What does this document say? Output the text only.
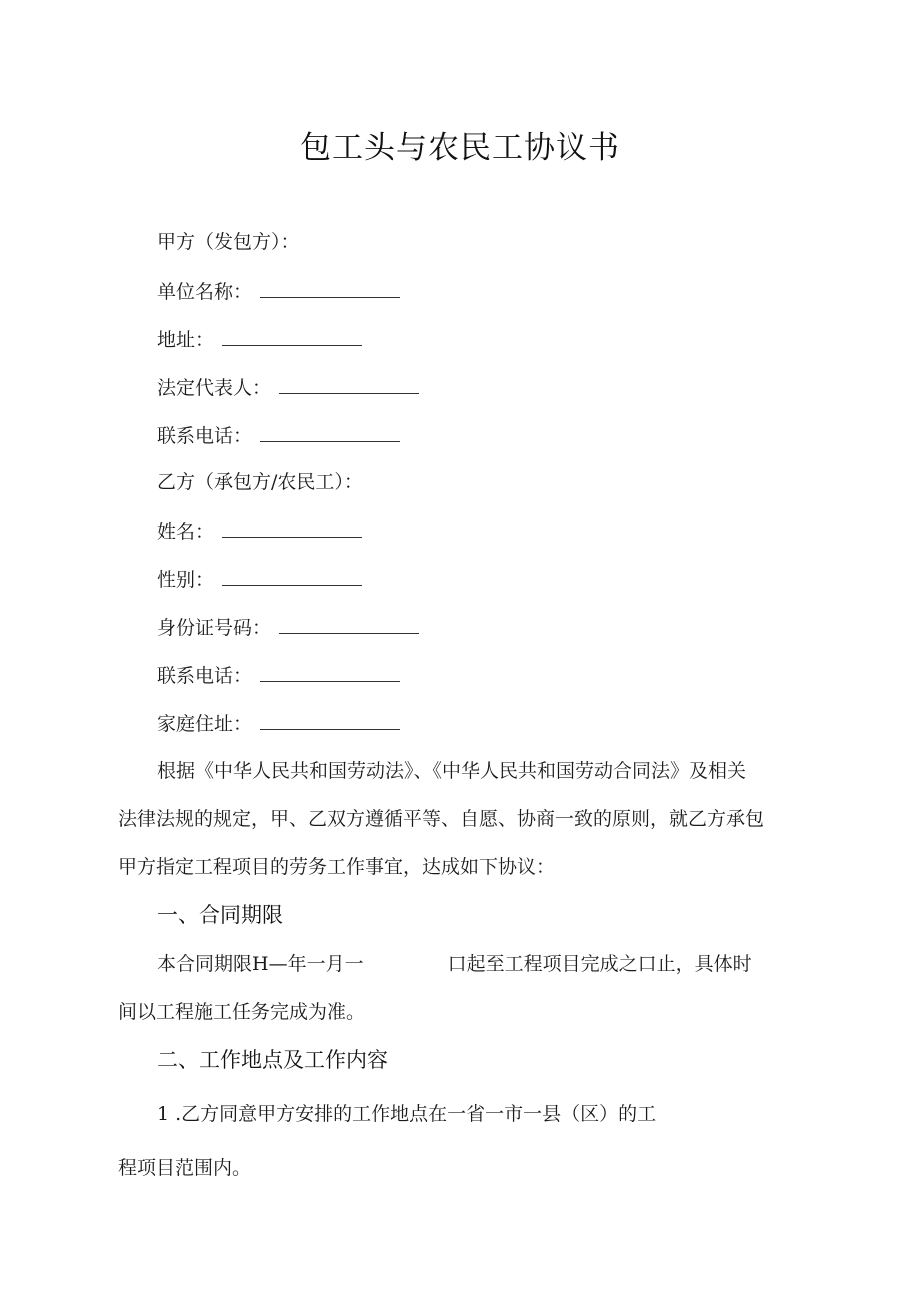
包工头与农民工协议书
甲方（发包方）：
单位名称：
地址：
法定代表人：
联系电话：
乙方（承包方/农民工）：
姓名：
性别：
身份证号码：
联系电话：
家庭住址：
根据《中华人民共和国劳动法》、《中华人民共和国劳动合同法》及相关
法律法规的规定，甲、乙双方遵循平等、自愿、协商一致的原则，就乙方承包
甲方指定工程项目的劳务工作事宜，达成如下协议：
一、合同期限
本合同期限H—年一月一	口起至工程项目完成之口止，具体时
间以工程施工任务完成为准。
二、工作地点及工作内容
1 .乙方同意甲方安排的工作地点在一省一市一县（区）的工
程项目范围内。
